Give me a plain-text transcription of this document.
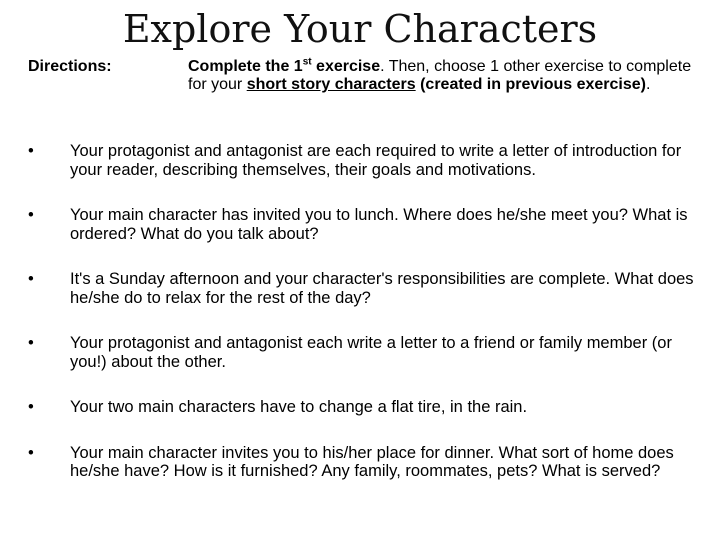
Explore Your Characters
Directions:	Complete the 1st exercise. Then, choose 1 other exercise to complete for your short story characters (created in previous exercise).
•	Your protagonist and antagonist are each required to write a letter of introduction for your reader, describing themselves, their goals and motivations.
•	Your main character has invited you to lunch. Where does he/she meet you? What is ordered? What do you talk about?
•	It's a Sunday afternoon and your character's responsibilities are complete. What does he/she do to relax for the rest of the day?
•	Your protagonist and antagonist each write a letter to a friend or family member (or you!) about the other.
•	Your two main characters have to change a flat tire, in the rain.
•	Your main character invites you to his/her place for dinner. What sort of home does he/she have? How is it furnished? Any family, roommates, pets? What is served?
